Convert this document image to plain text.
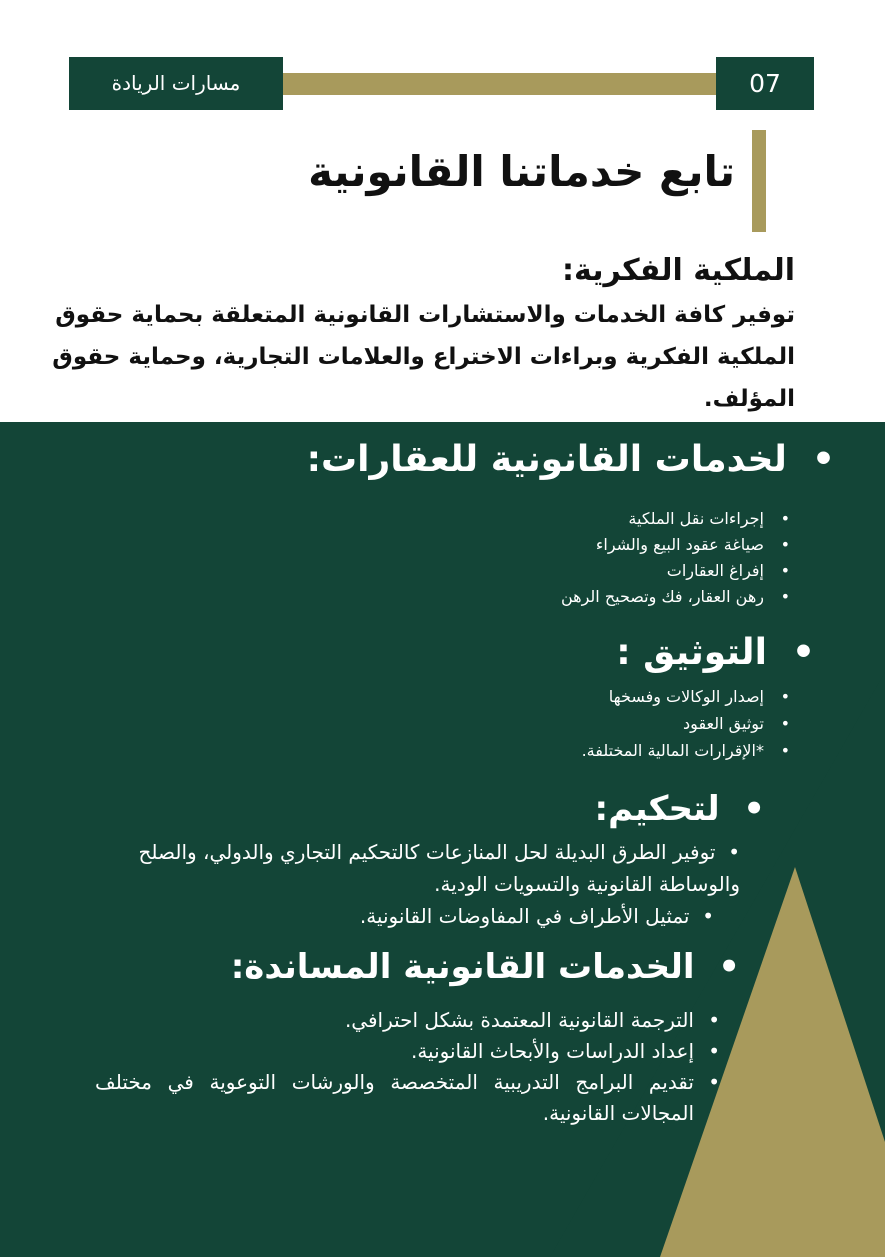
مسارات الريادة	07
تابع خدماتنا القانونية
الملكية الفكرية:
توفير كافة الخدمات والاستشارات القانونية المتعلقة بحماية حقوق الملكية الفكرية وبراءات الاختراع والعلامات التجارية، وحماية حقوق المؤلف.
•  لخدمات القانونية للعقارات:
• إجراءات نقل الملكية
• صياغة عقود البيع والشراء
• إفراغ العقارات
• رهن العقار، فك وتصحيح الرهن
•  التوثيق :
• إصدار الوكالات وفسخها
• توثيق العقود
• *الإقرارات المالية المختلفة.
•  لتحكيم:
•  توفير الطرق البديلة لحل المنازعات كالتحكيم التجاري والدولي، والصلح والوساطة القانونية والتسويات الودية.
•  تمثيل الأطراف في المفاوضات القانونية.
•  الخدمات القانونية المساندة:
• الترجمة القانونية المعتمدة بشكل احترافي.
• إعداد الدراسات والأبحاث القانونية.
• تقديم البرامج التدريبية المتخصصة والورشات التوعوية في مختلف المجالات القانونية.
